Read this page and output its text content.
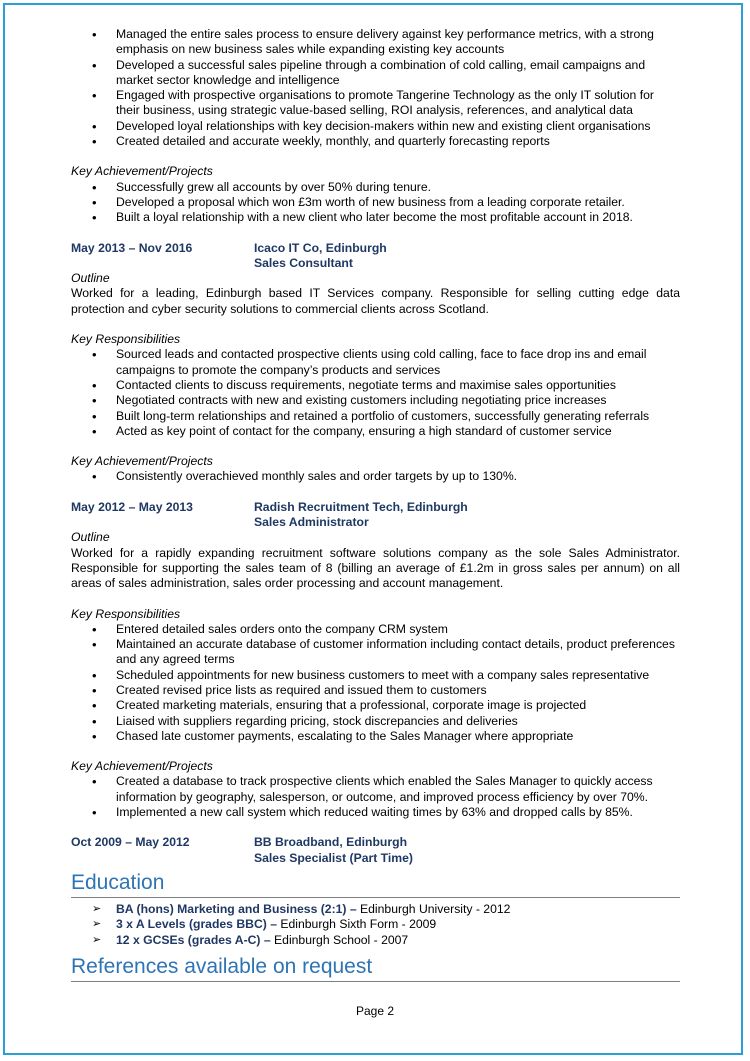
• Managed the entire sales process to ensure delivery against key performance metrics, with a strong emphasis on new business sales while expanding existing key accounts
• Developed a successful sales pipeline through a combination of cold calling, email campaigns and market sector knowledge and intelligence
• Engaged with prospective organisations to promote Tangerine Technology as the only IT solution for their business, using strategic value-based selling, ROI analysis, references, and analytical data
• Developed loyal relationships with key decision-makers within new and existing client organisations
• Created detailed and accurate weekly, monthly, and quarterly forecasting reports
Key Achievement/Projects
• Successfully grew all accounts by over 50% during tenure.
• Developed a proposal which won £3m worth of new business from a leading corporate retailer.
• Built a loyal relationship with a new client who later become the most profitable account in 2018.
May 2013 – Nov 2016	Icaco IT Co, Edinburgh
Sales Consultant
Outline
Worked for a leading, Edinburgh based IT Services company. Responsible for selling cutting edge data protection and cyber security solutions to commercial clients across Scotland.
Key Responsibilities
• Sourced leads and contacted prospective clients using cold calling, face to face drop ins and email campaigns to promote the company’s products and services
• Contacted clients to discuss requirements, negotiate terms and maximise sales opportunities
• Negotiated contracts with new and existing customers including negotiating price increases
• Built long-term relationships and retained a portfolio of customers, successfully generating referrals
• Acted as key point of contact for the company, ensuring a high standard of customer service
Key Achievement/Projects
• Consistently overachieved monthly sales and order targets by up to 130%.
May 2012 – May 2013	Radish Recruitment Tech, Edinburgh
Sales Administrator
Outline
Worked for a rapidly expanding recruitment software solutions company as the sole Sales Administrator. Responsible for supporting the sales team of 8 (billing an average of £1.2m in gross sales per annum) on all areas of sales administration, sales order processing and account management.
Key Responsibilities
• Entered detailed sales orders onto the company CRM system
• Maintained an accurate database of customer information including contact details, product preferences and any agreed terms
• Scheduled appointments for new business customers to meet with a company sales representative
• Created revised price lists as required and issued them to customers
• Created marketing materials, ensuring that a professional, corporate image is projected
• Liaised with suppliers regarding pricing, stock discrepancies and deliveries
• Chased late customer payments, escalating to the Sales Manager where appropriate
Key Achievement/Projects
• Created a database to track prospective clients which enabled the Sales Manager to quickly access information by geography, salesperson, or outcome, and improved process efficiency by over 70%.
• Implemented a new call system which reduced waiting times by 63% and dropped calls by 85%.
Oct 2009 – May 2012	BB Broadband, Edinburgh
Sales Specialist (Part Time)
Education
➢ BA (hons) Marketing and Business (2:1) – Edinburgh University - 2012
➢ 3 x A Levels (grades BBC) – Edinburgh Sixth Form - 2009
➢ 12 x GCSEs (grades A-C) – Edinburgh School - 2007
References available on request
Page 2
